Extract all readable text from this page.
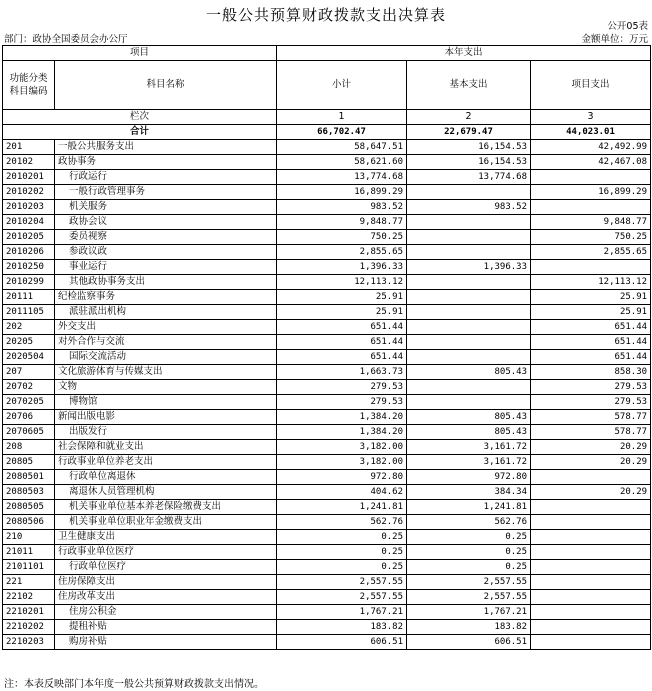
一般公共预算财政拨款支出决算表
公开05表
部门：政协全国委员会办公厅	金额单位：万元
项目		本年支出		
功能分类科目编码	科目名称	小计	基本支出	项目支出
栏次		1	2	3
合计		66,702.47	22,679.47	44,023.01
201	一般公共服务支出	58,647.51	16,154.53	42,492.99
20102	政协事务	58,621.60	16,154.53	42,467.08
2010201	行政运行	13,774.68	13,774.68	
2010202	一般行政管理事务	16,899.29		16,899.29
2010203	机关服务	983.52	983.52	
2010204	政协会议	9,848.77		9,848.77
2010205	委员视察	750.25		750.25
2010206	参政议政	2,855.65		2,855.65
2010250	事业运行	1,396.33	1,396.33	
2010299	其他政协事务支出	12,113.12		12,113.12
20111	纪检监察事务	25.91		25.91
2011105	派驻派出机构	25.91		25.91
202	外交支出	651.44		651.44
20205	对外合作与交流	651.44		651.44
2020504	国际交流活动	651.44		651.44
207	文化旅游体育与传媒支出	1,663.73	805.43	858.30
20702	文物	279.53		279.53
2070205	博物馆	279.53		279.53
20706	新闻出版电影	1,384.20	805.43	578.77
2070605	出版发行	1,384.20	805.43	578.77
208	社会保障和就业支出	3,182.00	3,161.72	20.29
20805	行政事业单位养老支出	3,182.00	3,161.72	20.29
2080501	行政单位离退休	972.80	972.80	
2080503	离退休人员管理机构	404.62	384.34	20.29
2080505	机关事业单位基本养老保险缴费支出	1,241.81	1,241.81	
2080506	机关事业单位职业年金缴费支出	562.76	562.76	
210	卫生健康支出	0.25	0.25	
21011	行政事业单位医疗	0.25	0.25	
2101101	行政单位医疗	0.25	0.25	
221	住房保障支出	2,557.55	2,557.55	
22102	住房改革支出	2,557.55	2,557.55	
2210201	住房公积金	1,767.21	1,767.21	
2210202	提租补贴	183.82	183.82	
2210203	购房补贴	606.51	606.51	
注：本表反映部门本年度一般公共预算财政拨款支出情况。
